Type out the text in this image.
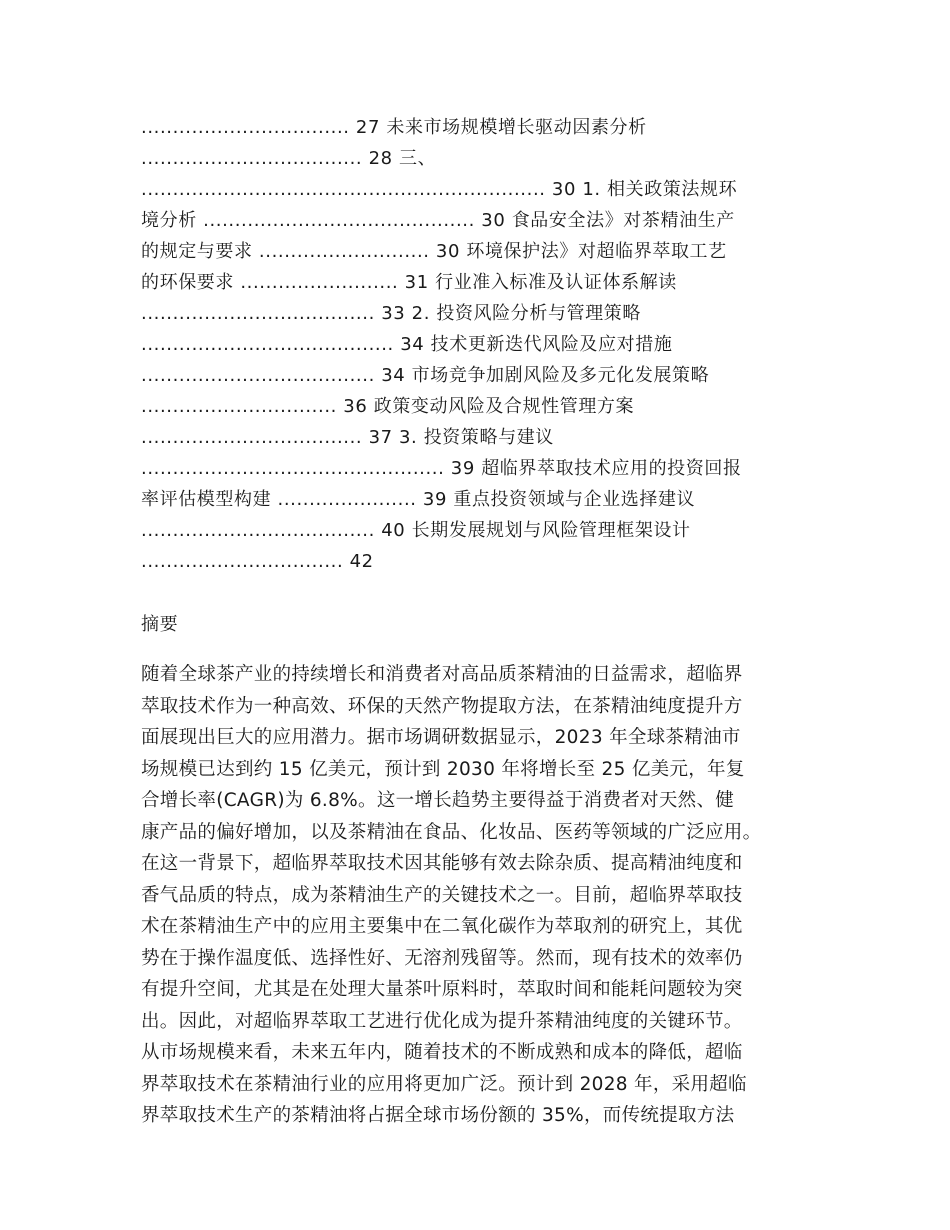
................................. 27 未来市场规模增长驱动因素分析
................................... 28 三、
................................................................ 30 1. 相关政策法规环
境分析 ........................................... 30 食品安全法》对茶精油生产
的规定与要求 ........................... 30 环境保护法》对超临界萃取工艺
的环保要求 ......................... 31 行业准入标准及认证体系解读
..................................... 33 2. 投资风险分析与管理策略
........................................ 34 技术更新迭代风险及应对措施
..................................... 34 市场竞争加剧风险及多元化发展策略
............................... 36 政策变动风险及合规性管理方案
................................... 37 3. 投资策略与建议
................................................ 39 超临界萃取技术应用的投资回报
率评估模型构建 ...................... 39 重点投资领域与企业选择建议
..................................... 40 长期发展规划与风险管理框架设计
................................ 42
摘要
随着全球茶产业的持续增长和消费者对高品质茶精油的日益需求，超临界
萃取技术作为一种高效、环保的天然产物提取方法，在茶精油纯度提升方
面展现出巨大的应用潜力。据市场调研数据显示，2023 年全球茶精油市
场规模已达到约 15 亿美元，预计到 2030 年将增长至 25 亿美元，年复
合增长率(CAGR)为 6.8%。这一增长趋势主要得益于消费者对天然、健
康产品的偏好增加，以及茶精油在食品、化妆品、医药等领域的广泛应用。
在这一背景下，超临界萃取技术因其能够有效去除杂质、提高精油纯度和
香气品质的特点，成为茶精油生产的关键技术之一。目前，超临界萃取技
术在茶精油生产中的应用主要集中在二氧化碳作为萃取剂的研究上，其优
势在于操作温度低、选择性好、无溶剂残留等。然而，现有技术的效率仍
有提升空间，尤其是在处理大量茶叶原料时，萃取时间和能耗问题较为突
出。因此，对超临界萃取工艺进行优化成为提升茶精油纯度的关键环节。
从市场规模来看，未来五年内，随着技术的不断成熟和成本的降低，超临
界萃取技术在茶精油行业的应用将更加广泛。预计到 2028 年，采用超临
界萃取技术生产的茶精油将占据全球市场份额的 35%，而传统提取方法
